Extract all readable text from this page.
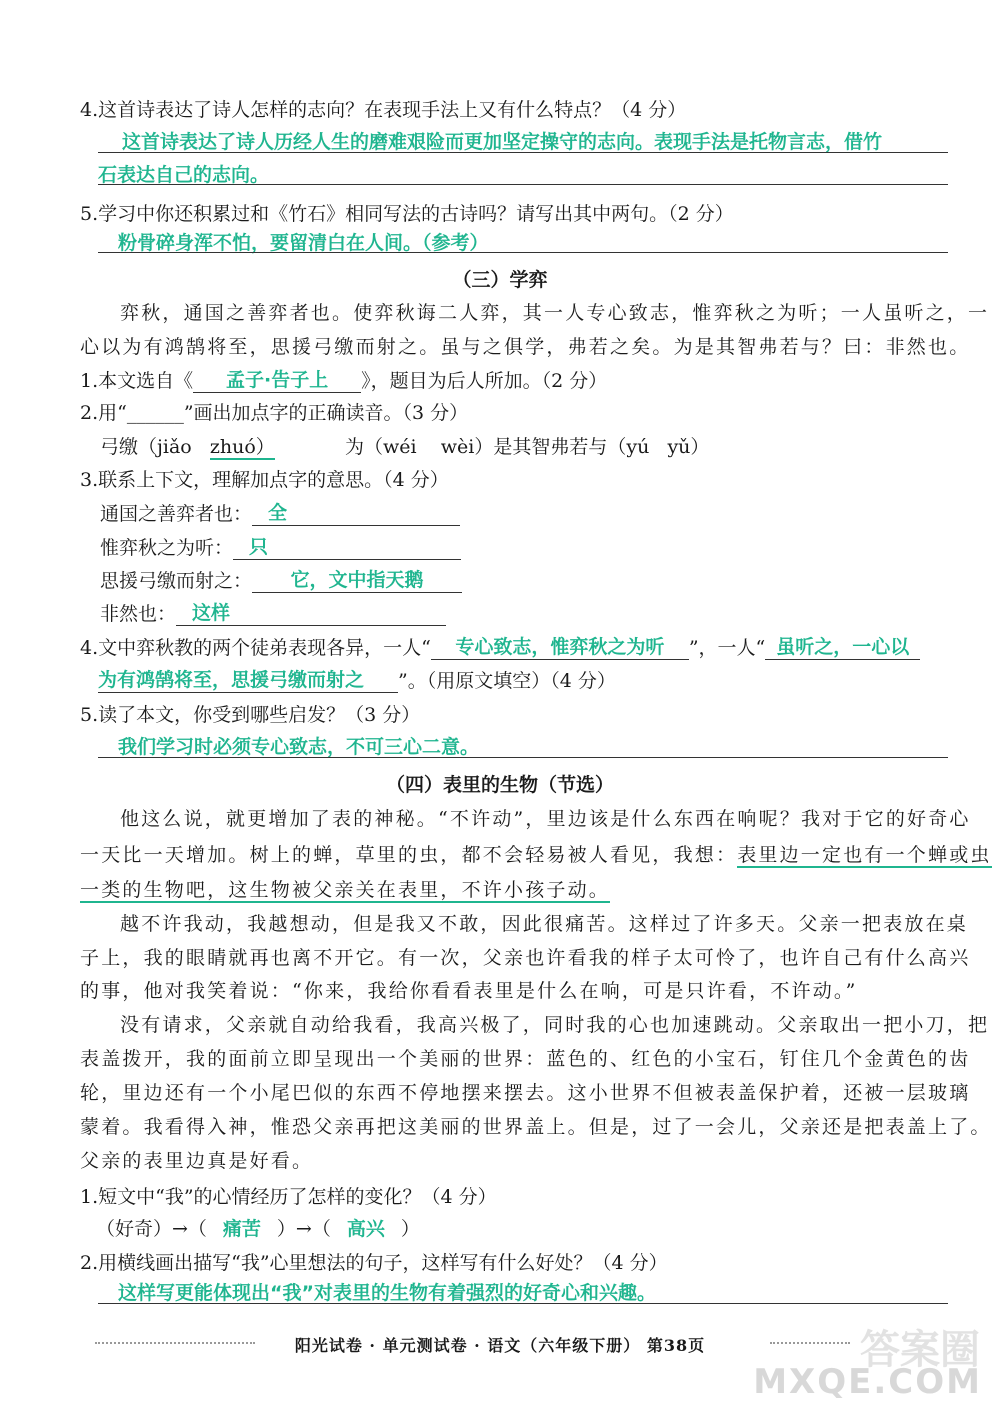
4.这首诗表达了诗人怎样的志向？在表现手法上又有什么特点？（4 分）
这首诗表达了诗人历经人生的磨难艰险而更加坚定操守的志向。表现手法是托物言志，借竹
石表达自己的志向。
5.学习中你还积累过和《竹石》相同写法的古诗吗？请写出其中两句。（2 分）
粉骨碎身浑不怕，要留清白在人间。（参考）
（三）学弈
弈秋，通国之善弈者也。使弈秋诲二人弈，其一人专心致志，惟弈秋之为听；一人虽听之，一
心以为有鸿鹄将至，思援弓缴而射之。虽与之俱学，弗若之矣。为是其智弗若与？曰：非然也。
1.本文选自《 孟子·告子上 》，题目为后人所加。（2 分）
2.用“______”画出加点字的正确读音。（3 分）
弓缴（jiǎo zhuó）	为（wéi wèi）是其智弗若与（yú yǔ）
3.联系上下文，理解加点字的意思。（4 分）
通国之善弈者也： 全
惟弈秋之为听： 只
思援弓缴而射之： 它，文中指天鹅
非然也： 这样
4.文中弈秋教的两个徒弟表现各异，一人“ 专心致志，惟弈秋之为听 ”，一人“ 虽听之，一心以
为有鸿鹄将至，思援弓缴而射之 ”。（用原文填空）（4 分）
5.读了本文，你受到哪些启发？（3 分）
我们学习时必须专心致志，不可三心二意。
（四）表里的生物（节选）
他这么说，就更增加了表的神秘。“不许动”，里边该是什么东西在响呢？我对于它的好奇心
一天比一天增加。树上的蝉，草里的虫，都不会轻易被人看见，我想：表里边一定也有一个蝉或虫
一类的生物吧，这生物被父亲关在表里，不许小孩子动。
越不许我动，我越想动，但是我又不敢，因此很痛苦。这样过了许多天。父亲一把表放在桌
子上，我的眼睛就再也离不开它。有一次，父亲也许看我的样子太可怜了，也许自己有什么高兴
的事，他对我笑着说：“你来，我给你看看表里是什么在响，可是只许看，不许动。”
没有请求，父亲就自动给我看，我高兴极了，同时我的心也加速跳动。父亲取出一把小刀，把
表盖拨开，我的面前立即呈现出一个美丽的世界：蓝色的、红色的小宝石，钉住几个金黄色的齿
轮，里边还有一个小尾巴似的东西不停地摆来摆去。这小世界不但被表盖保护着，还被一层玻璃
蒙着。我看得入神，惟恐父亲再把这美丽的世界盖上。但是，过了一会儿，父亲还是把表盖上了。
父亲的表里边真是好看。
1.短文中“我”的心情经历了怎样的变化？（4 分）
（好奇）→（ 痛苦 ）→（ 高兴 ）
2.用横线画出描写“我”心里想法的句子，这样写有什么好处？（4 分）
这样写更能体现出“我”对表里的生物有着强烈的好奇心和兴趣。
阳光试卷 · 单元测试卷 · 语文（六年级下册） 第38页	答案圈
MXQE.COM
